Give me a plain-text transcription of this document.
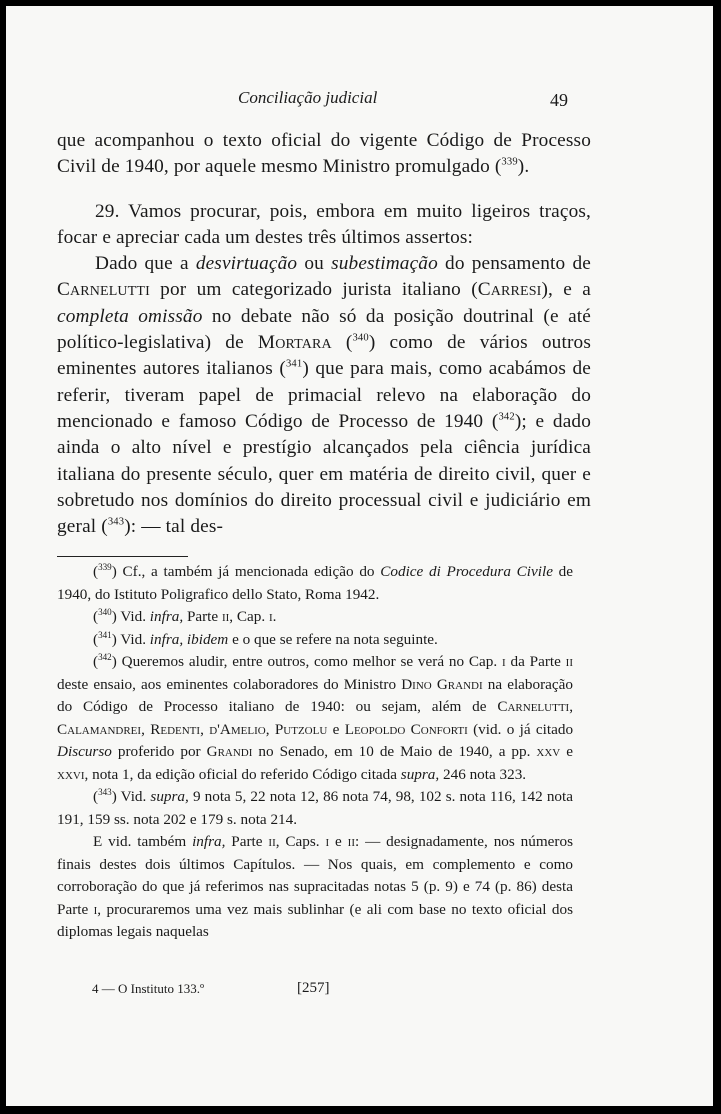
Conciliação judicial	49

que acompanhou o texto oficial do vigente Código de Processo Civil de 1940, por aquele mesmo Ministro promulgado ($^{339}$).

29. Vamos procurar, pois, embora em muito ligeiros traços, focar e apreciar cada um destes três últimos assertos:

Dado que a desvirtuação ou subestimação do pensamento de Carnelutti por um categorizado jurista italiano (Carresi), e a completa omissão no debate não só da posição doutrinal (e até político-legislativa) de Mortara ($^{340}$) como de vários outros eminentes autores italianos ($^{341}$) que para mais, como acabámos de referir, tiveram papel de primacial relevo na elaboração do mencionado e famoso Código de Processo de 1940 ($^{342}$); e dado ainda o alto nível e prestígio alcançados pela ciência jurídica italiana do presente século, quer em matéria de direito civil, quer e sobretudo nos domínios do direito processual civil e judiciário em geral ($^{343}$): — tal des-

($^{339}$) Cf., a também já mencionada edição do Codice di Procedura Civile de 1940, do Istituto Poligrafico dello Stato, Roma 1942.

($^{340}$) Vid. infra, Parte ii, Cap. i.

($^{341}$) Vid. infra, ibidem e o que se refere na nota seguinte.

($^{342}$) Queremos aludir, entre outros, como melhor se verá no Cap. i da Parte ii deste ensaio, aos eminentes colaboradores do Ministro Dino Grandi na elaboração do Código de Processo italiano de 1940: ou sejam, além de Carnelutti, Calamandrei, Redenti, d'Amelio, Putzolu e Leopoldo Conforti (vid. o já citado Discurso proferido por Grandi no Senado, em 10 de Maio de 1940, a pp. xxv e xxvi, nota 1, da edição oficial do referido Código citada supra, 246 nota 323.

($^{343}$) Vid. supra, 9 nota 5, 22 nota 12, 86 nota 74, 98, 102 s. nota 116, 142 nota 191, 159 ss. nota 202 e 179 s. nota 214.

E vid. também infra, Parte ii, Caps. i e ii: — designadamente, nos números finais destes dois últimos Capítulos. — Nos quais, em complemento e como corroboração do que já referimos nas supracitadas notas 5 (p. 9) e 74 (p. 86) desta Parte i, procuraremos uma vez mais sublinhar (e ali com base no texto oficial dos diplomas legais naquelas

4 — O Instituto 133.º	[257]
